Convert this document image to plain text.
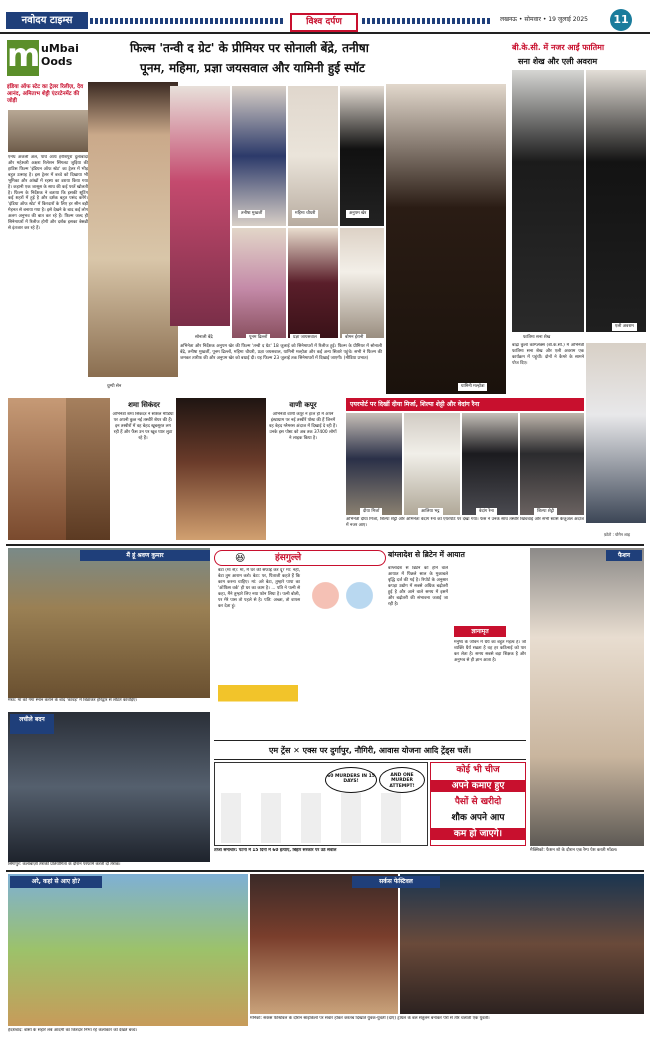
नवोदय टाइम्स	विश्व दर्पण	लखनऊ • सोमवार • 19 जुलाई 2025	11
m uMbai
Oods
इंडिया ऑफ स्टेट का ट्रेलर रिलीज़, देव आनंद, अमिताभ शेट्टी एंटरटेनमेंट की जोड़ी
एनेथ अंजली अल, पार्थ आर्थ हरीशपुरा दुलाबादा और महेश्वरी अक्षरा रिलेशन सिंगलट जुड़िया की हाटिस फिल्म 'इंडियन ऑफ स्टेट' का ट्रेलर में भीड़ बहुत उत्साह है। इस ट्रेलर में बच्चे को दिखाया भी भूमिका और आंखों में रहस्य का डराया किया गया है। कहानी एक जासूस के साथ की कई परतें खोलती है। फिल्म के निर्देशक ने बताया कि इसकी शूटिंग कई शहरों में हुई है और दर्शक बहुत पसंद करेंगे। 'इंडिया ऑफ स्टेट' में किरदारों के लिए हर सीन बड़ी मेहनत से बनाया गया है। इसे देखने के बाद कई लोग अलग अनुभव की बात कर रहे हैं। फिल्म जल्द ही सिनेमाघरों में रिलीज होगी और दर्शक इसका बेसब्री से इंतजार कर रहे हैं।
फिल्म 'तन्वी द ग्रेट' के प्रीमियर पर सोनाली बेंद्रे, तनीषा
पूनम, महिमा, प्रज्ञा जयसवाल और यामिनी हुई स्पॉट
सोनाली बेंद्रे	पूनम ढिल्लों
तनीषा मुखर्जी	महिमा चौधरी	अनुपम खेर
प्रज्ञा जायसवाल	बोमन ईरानी
यामिनी मल्होत्रा
धुम्पी सेन
अभिनेता और निर्देशक अनुपम खेर की फिल्म 'तन्वी द ग्रेट' 18 जुलाई को सिनेमाघरों में रिलीज हुई। फिल्म के प्रीमियर में सोनाली बेंद्रे, तनीषा मुखर्जी, पूनम ढिल्लों, महिमा चौधरी, प्रज्ञा जयसवाल, यामिनी मल्होत्रा और कई अन्य सितारे पहुंचे। सभी ने फिल्म की जमकर तारीफ की और अनुपम खेर को बधाई दी। यह फिल्म 23 जुलाई तक सिनेमाघरों में दिखाई जाएगी। (मीडिया प्रभात)
बी.के.सी. में नजर आईं फातिमा
सना शेख और एली अवराम
फातिमा सना शेख
एली अवराम
बांद्रा कुर्ला कॉम्प्लेक्स (बी.के.सी.) में अभिनेत्री फातिमा सना शेख और एली अवराम एक कार्यक्रम में पहुंचीं। दोनों ने कैमरे के सामने पोज दिए।
शमा सिकंदर
अभिनेत्री शमा सिकंदर ने सोशल मीडिया पर अपनी कुछ नई तस्वीरें शेयर की हैं। इन तस्वीरों में वह बेहद खूबसूरत लग रही हैं और फैंस उन पर खूब प्यार लुटा रहे हैं।
वाणी कपूर
अभिनेत्री वाणी कपूर ने हाल ही में अपने इंस्टाग्राम पर नई तस्वीरें पोस्ट की हैं जिनमें वह बेहद ग्लैमरस अंदाज में दिखाई दे रही हैं। उनके इस पोस्ट को अब तक 37400 लोगों ने लाइक किया है।
एयरपोर्ट पर दिखीं दीया मिर्जा, शिल्पा शेट्टी और वेदांग रैना
दीया मिर्जा	आलिया भट्ट	वेदांग रैना	शिल्पा शेट्टी
अभिनेत्री दीया मिर्जा, शिल्पा शेट्टी और अभिनेता वेदांग रैना को एयरपोर्ट पर देखा गया। फैंस ने उनके साथ तस्वीरें खिंचवाईं और सभी स्टार्स कैज़ुअल अंदाज में नजर आए।
फ़ोटो : योगेन शाह
मैं हूं श्रवण कुमार
मेरठ: माँ को गंगा स्नान कराने के बाद 'कांवड़' में बिठाकर हरिद्वार से लौटते कांवड़िए।
😆	हंसगुल्ले
बेटा (मां से): मां, मैं घर की सफाई कर दूं? मां: नहीं, बेटा तुम आराम करो। बेटा: पर, पिताजी कहते हैं कि काम करना चाहिए। मां: अरे बेटा, तुम्हारे पापा का 'ऑफिस वर्क' ही घर का काम है। ... पति ने पत्नी से कहा, मैंने तुम्हारे लिए नया फोन लिया है। पत्नी बोली, पर मेरे पास तो पहले से है। पति: अच्छा, तो वापस कर देता हूं।
बांग्लादेश से ब्रिटेन में आयात
बांग्लादेश से ब्रिटेन को होने वाले आयात में पिछले साल के मुकाबले वृद्धि दर्ज की गई है। रिपोर्ट के अनुसार कपड़ा उद्योग में सबसे अधिक बढ़ोतरी हुई है और आने वाले समय में इसमें और बढ़ोतरी की संभावना जताई जा रही है।
ज्ञानामृत
मनुष्य के जीवन में धैर्य का बहुत महत्व है। जो व्यक्ति धैर्य रखता है वह हर कठिनाई को पार कर लेता है। समय सबसे बड़ा शिक्षक है और अनुभव से ही ज्ञान आता है।
फैशन
मैक्सिको: फैशन शो के दौरान एक रैम्प पेश करती मॉडल।
लचीले बदन
सिंगापुर: कलाबाज़ी तैराकी प्रतियोगिता के दौरान परफॉर्म करतीं दो तैराक।
एम ट्रेंस ✕ एक्स पर दुर्गापुर, नौगिरी, आवास योजना आदि ट्रेंड्स चलें।
60 MURDERS IN 15 DAYS!
AND ONE MURDER ATTEMPT!
ताजा समाचार: पटना में 15 दिनों में 60 हत्याएं, बिहार सरकार पर उठे सवाल
कोई भी चीज
अपने कमाए हुए
पैसों से खरीदो
शौक अपने आप
कम हो जाएगे।
अरे, कहां से आए हो?
हैदराबाद: बांसों के सहारे लंबे आदमी का किरदार निभा रहे कलाकार को देखते बच्चे।
सर्कस फेस्टिवल
मोनैको: सर्कस फेस्टिवल के दौरान साइकिलों पर सवार होकर करतब दिखाते युवक-युवती (दाएं) ट्रायल के बल संतुलन बनाकर पैरों से तीर चलाती एक युवती।
